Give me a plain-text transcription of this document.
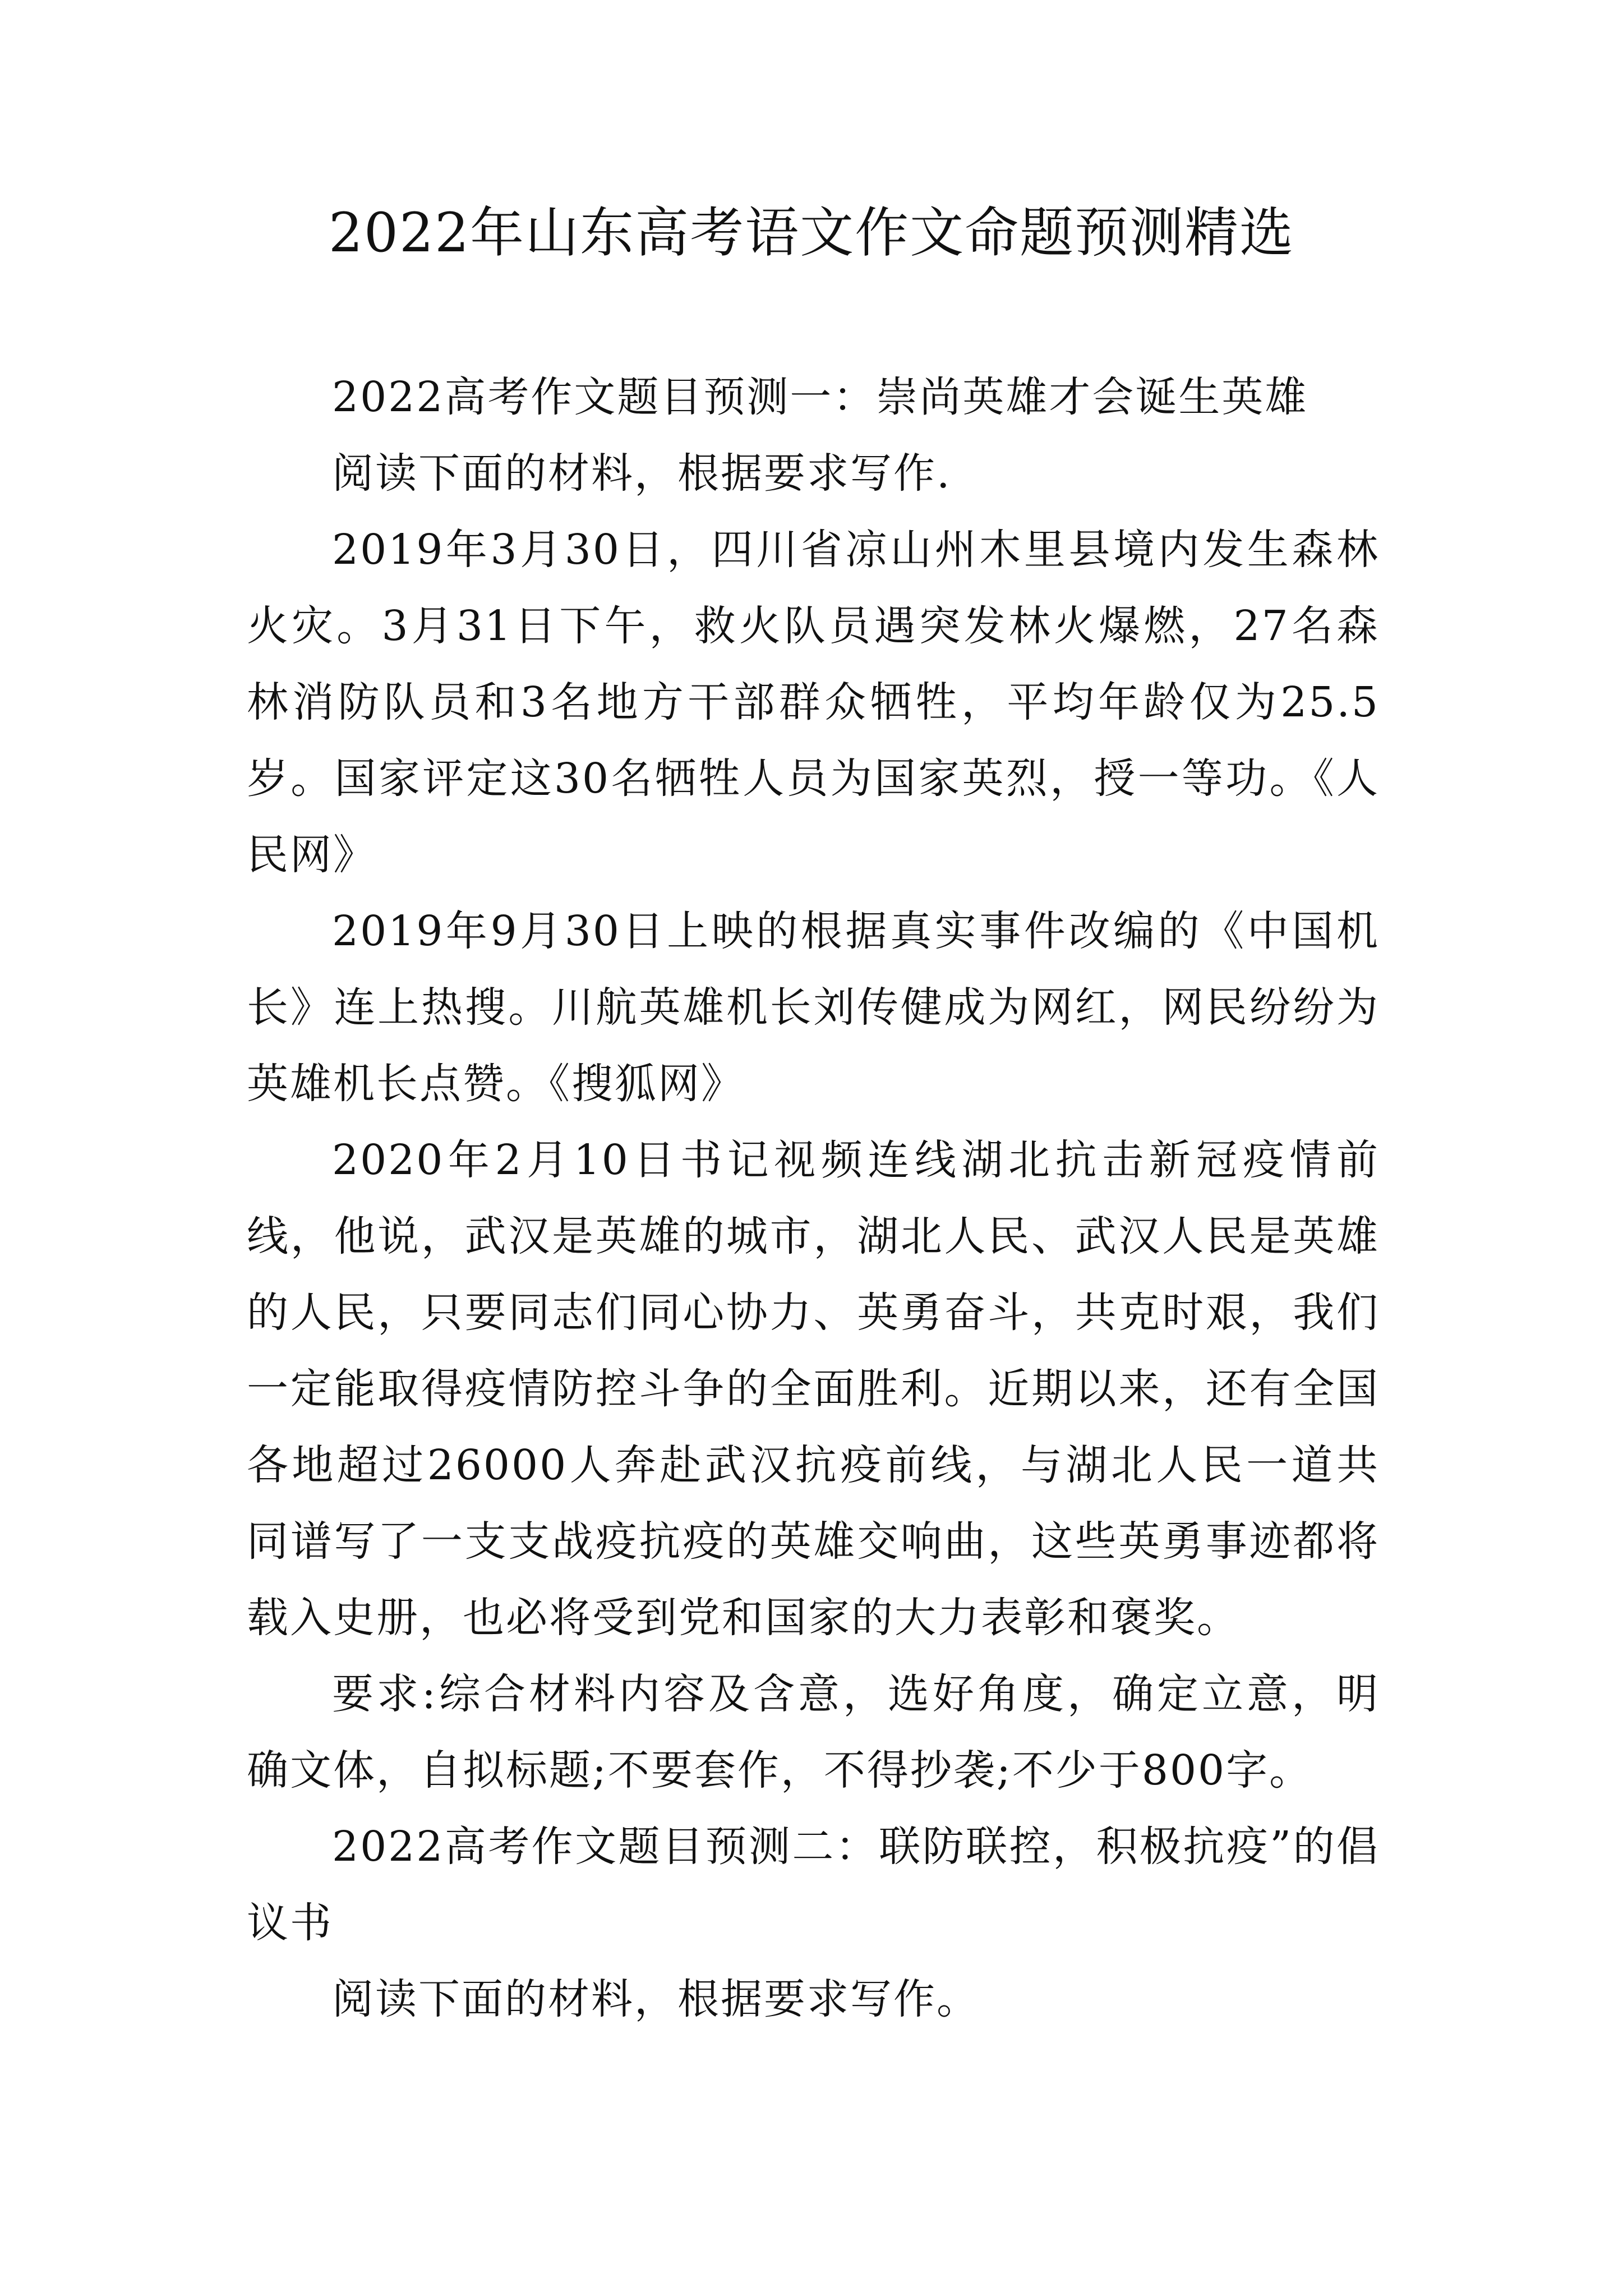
2022年山东高考语文作文命题预测精选

2022高考作文题目预测一：崇尚英雄才会诞生英雄

阅读下面的材料，根据要求写作.

2019年3月30日，四川省凉山州木里县境内发生森林火灾。3月31日下午，救火队员遇突发林火爆燃，27名森林消防队员和3名地方干部群众牺牲，平均年龄仅为25.5岁。国家评定这30名牺牲人员为国家英烈，授一等功。《人民网》

2019年9月30日上映的根据真实事件改编的《中国机长》连上热搜。川航英雄机长刘传健成为网红，网民纷纷为英雄机长点赞。《搜狐网》

2020年2月10日书记视频连线湖北抗击新冠疫情前线，他说，武汉是英雄的城市，湖北人民、武汉人民是英雄的人民，只要同志们同心协力、英勇奋斗，共克时艰，我们一定能取得疫情防控斗争的全面胜利。近期以来，还有全国各地超过26000人奔赴武汉抗疫前线，与湖北人民一道共同谱写了一支支战疫抗疫的英雄交响曲，这些英勇事迹都将载入史册，也必将受到党和国家的大力表彰和褒奖。

要求:综合材料内容及含意，选好角度，确定立意，明确文体，自拟标题;不要套作，不得抄袭;不少于800字。

2022高考作文题目预测二：联防联控，积极抗疫”的倡议书

阅读下面的材料，根据要求写作。
